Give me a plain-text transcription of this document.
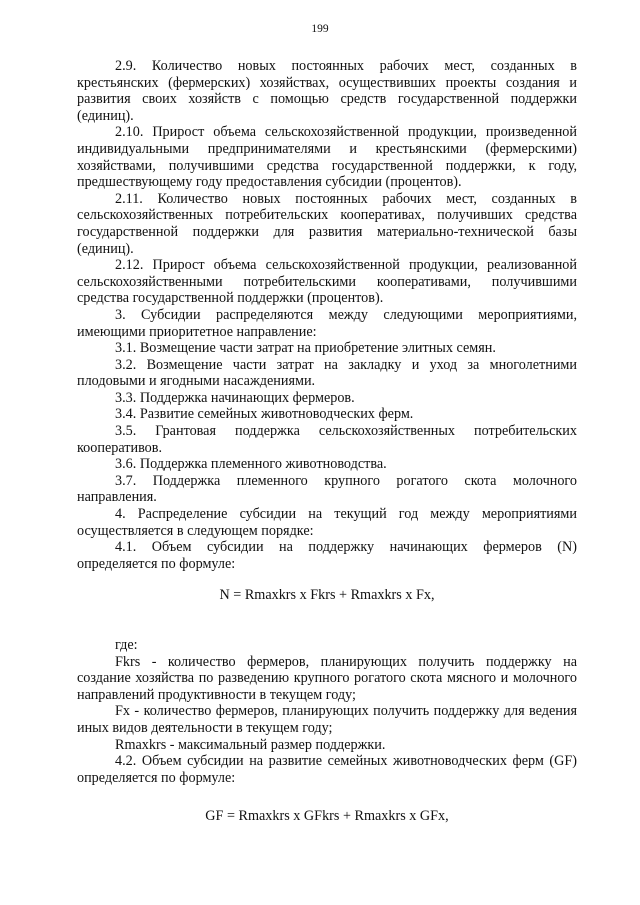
199

2.9. Количество новых постоянных рабочих мест, созданных в крестьянских (фермерских) хозяйствах, осуществивших проекты создания и развития своих хозяйств с помощью средств государственной поддержки (единиц).

2.10. Прирост объема сельскохозяйственной продукции, произведенной индивидуальными предпринимателями и крестьянскими (фермерскими) хозяйствами, получившими средства государственной поддержки, к году, предшествующему году предоставления субсидии (процентов).

2.11. Количество новых постоянных рабочих мест, созданных в сельскохозяйственных потребительских кооперативах, получивших средства государственной поддержки для развития материально-технической базы (единиц).

2.12. Прирост объема сельскохозяйственной продукции, реализованной сельскохозяйственными потребительскими кооперативами, получившими средства государственной поддержки (процентов).

3. Субсидии распределяются между следующими мероприятиями, имеющими приоритетное направление:

3.1. Возмещение части затрат на приобретение элитных семян.

3.2. Возмещение части затрат на закладку и уход за многолетними плодовыми и ягодными насаждениями.

3.3. Поддержка начинающих фермеров.

3.4. Развитие семейных животноводческих ферм.

3.5. Грантовая поддержка сельскохозяйственных потребительских кооперативов.

3.6. Поддержка племенного животноводства.

3.7. Поддержка племенного крупного рогатого скота молочного направления.

4. Распределение субсидии на текущий год между мероприятиями осуществляется в следующем порядке:

4.1. Объем субсидии на поддержку начинающих фермеров (N) определяется по формуле:

N = Rmaxkrs x Fkrs + Rmaxkrs x Fx,

где:

Fkrs - количество фермеров, планирующих получить поддержку на создание хозяйства по разведению крупного рогатого скота мясного и молочного направлений продуктивности в текущем году;

Fx - количество фермеров, планирующих получить поддержку для ведения иных видов деятельности в текущем году;

Rmaxkrs - максимальный размер поддержки.

4.2. Объем субсидии на развитие семейных животноводческих ферм (GF) определяется по формуле:

GF = Rmaxkrs x GFkrs + Rmaxkrs x GFx,
